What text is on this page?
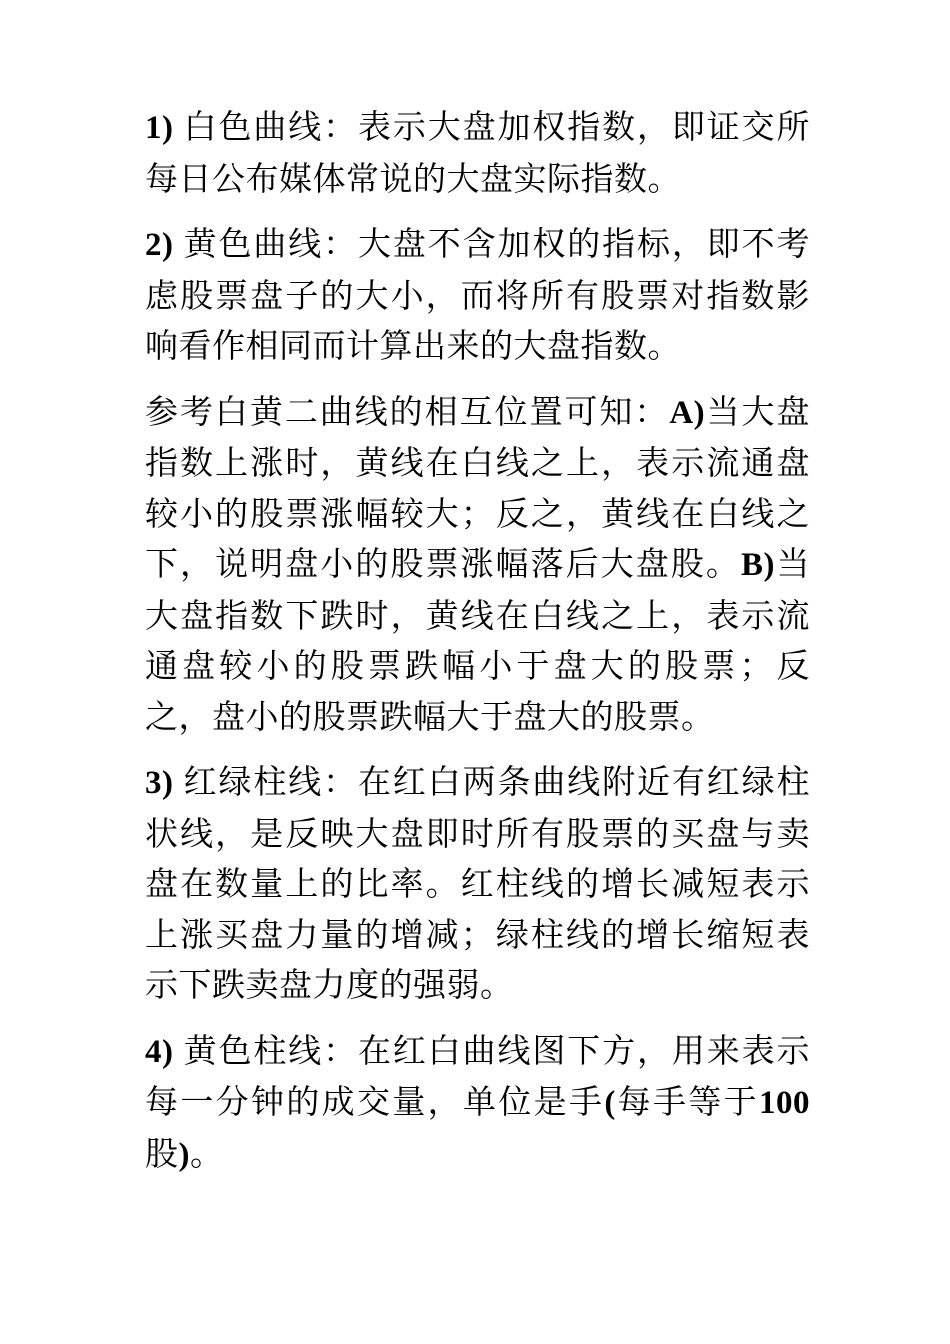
1) 白色曲线：表示大盘加权指数，即证交所每日公布媒体常说的大盘实际指数。

2) 黄色曲线：大盘不含加权的指标，即不考虑股票盘子的大小，而将所有股票对指数影响看作相同而计算出来的大盘指数。

参考白黄二曲线的相互位置可知：A)当大盘指数上涨时，黄线在白线之上，表示流通盘较小的股票涨幅较大；反之，黄线在白线之下，说明盘小的股票涨幅落后大盘股。B)当大盘指数下跌时，黄线在白线之上，表示流通盘较小的股票跌幅小于盘大的股票；反之，盘小的股票跌幅大于盘大的股票。

3) 红绿柱线：在红白两条曲线附近有红绿柱状线，是反映大盘即时所有股票的买盘与卖盘在数量上的比率。红柱线的增长减短表示上涨买盘力量的增减；绿柱线的增长缩短表示下跌卖盘力度的强弱。

4) 黄色柱线：在红白曲线图下方，用来表示每一分钟的成交量，单位是手(每手等于100 股)。
